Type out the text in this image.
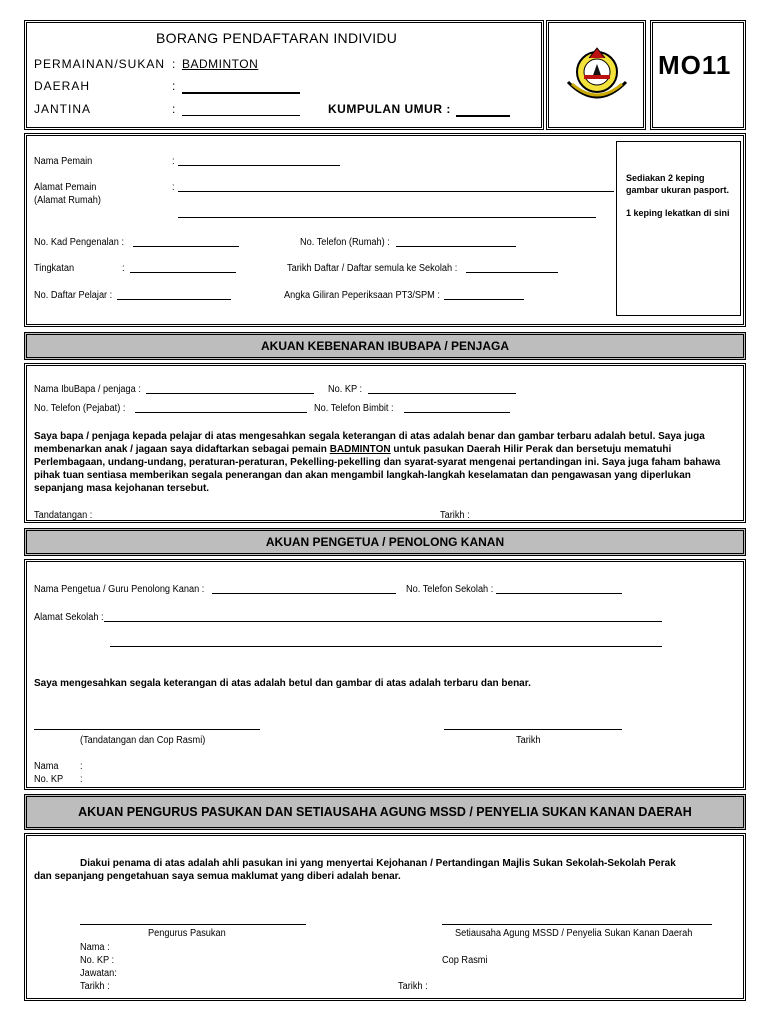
BORANG PENDAFTARAN INDIVIDU
PERMAINAN/SUKAN : BADMINTON
DAERAH	:
JANTINA	:	KUMPULAN UMUR :
MO11
Nama Pemain	:
Alamat Pemain
(Alamat Rumah)
:
No. Kad Pengenalan :	No. Telefon (Rumah) :
Tingkatan	:	Tarikh Daftar / Daftar semula ke Sekolah :
No. Daftar Pelajar :	Angka Giliran Peperiksaan PT3/SPM :
Sediakan 2 keping
gambar ukuran pasport.
1 keping lekatkan di sini
AKUAN KEBENARAN IBUBAPA / PENJAGA
Nama IbuBapa / penjaga :	No. KP :
No. Telefon (Pejabat) :	No. Telefon Bimbit :
Saya bapa / penjaga kepada pelajar di atas mengesahkan segala keterangan di atas adalah benar dan gambar terbaru adalah betul. Saya juga membenarkan anak / jagaan saya didaftarkan sebagai pemain BADMINTON untuk pasukan Daerah Hilir Perak dan bersetuju mematuhi Perlembagaan, undang-undang, peraturan-peraturan, Pekelling-pekelling dan syarat-syarat mengenai pertandingan ini. Saya juga faham bahawa pihak tuan sentiasa memberikan segala penerangan dan akan mengambil langkah-langkah keselamatan dan pengawasan yang diperlukan sepanjang masa kejohanan tersebut.
Tandatangan :	Tarikh :
AKUAN PENGETUA / PENOLONG KANAN
Nama Pengetua / Guru Penolong Kanan :	No. Telefon Sekolah :
Alamat Sekolah :
Saya mengesahkan segala keterangan di atas adalah betul dan gambar di atas adalah terbaru dan benar.
(Tandatangan dan Cop Rasmi)	Tarikh
Nama :
No. KP :
AKUAN PENGURUS PASUKAN DAN SETIAUSAHA AGUNG MSSD / PENYELIA SUKAN KANAN DAERAH
Diakui penama di atas adalah ahli pasukan ini yang menyertai Kejohanan / Pertandingan Majlis Sukan Sekolah-Sekolah Perak
dan sepanjang pengetahuan saya semua maklumat yang diberi adalah benar.
Pengurus Pasukan	Setiausaha Agung MSSD / Penyelia Sukan Kanan Daerah
Nama :
No. KP :
Jawatan:
Tarikh :
Cop Rasmi
Tarikh :
